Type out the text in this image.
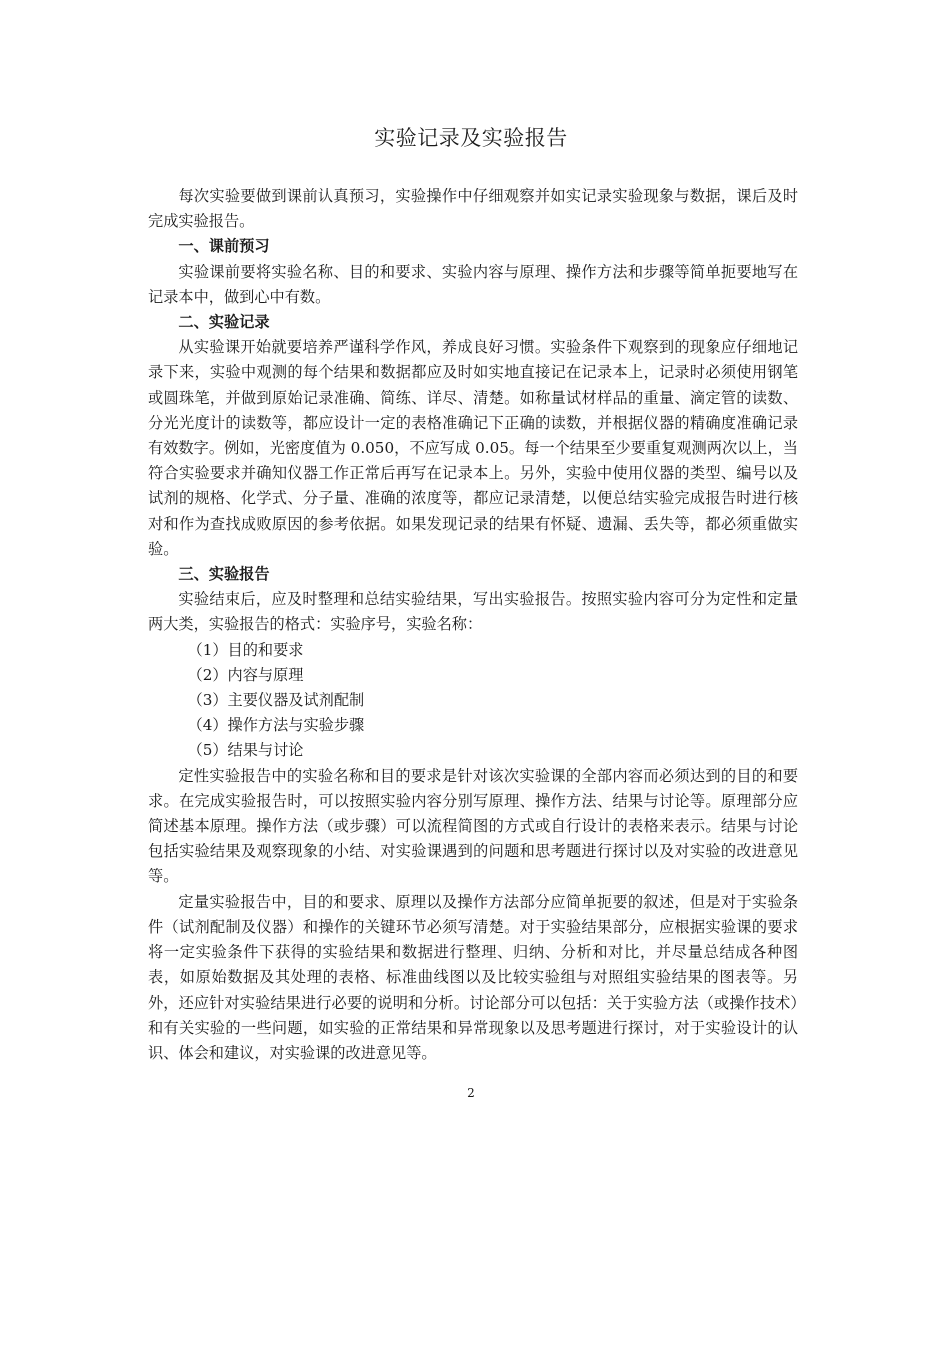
实验记录及实验报告

每次实验要做到课前认真预习，实验操作中仔细观察并如实记录实验现象与数据，课后及时完成实验报告。

一、课前预习

实验课前要将实验名称、目的和要求、实验内容与原理、操作方法和步骤等简单扼要地写在记录本中，做到心中有数。

二、实验记录

从实验课开始就要培养严谨科学作风，养成良好习惯。实验条件下观察到的现象应仔细地记录下来，实验中观测的每个结果和数据都应及时如实地直接记在记录本上，记录时必须使用钢笔或圆珠笔，并做到原始记录准确、简练、详尽、清楚。如称量试材样品的重量、滴定管的读数、分光光度计的读数等，都应设计一定的表格准确记下正确的读数，并根据仪器的精确度准确记录有效数字。例如，光密度值为 0.050，不应写成 0.05。每一个结果至少要重复观测两次以上，当符合实验要求并确知仪器工作正常后再写在记录本上。另外，实验中使用仪器的类型、编号以及试剂的规格、化学式、分子量、准确的浓度等，都应记录清楚，以便总结实验完成报告时进行核对和作为查找成败原因的参考依据。如果发现记录的结果有怀疑、遗漏、丢失等，都必须重做实验。

三、实验报告

实验结束后，应及时整理和总结实验结果，写出实验报告。按照实验内容可分为定性和定量两大类，实验报告的格式：实验序号，实验名称：

（1）目的和要求
（2）内容与原理
（3）主要仪器及试剂配制
（4）操作方法与实验步骤
（5）结果与讨论

定性实验报告中的实验名称和目的要求是针对该次实验课的全部内容而必须达到的目的和要求。在完成实验报告时，可以按照实验内容分别写原理、操作方法、结果与讨论等。原理部分应简述基本原理。操作方法（或步骤）可以流程简图的方式或自行设计的表格来表示。结果与讨论包括实验结果及观察现象的小结、对实验课遇到的问题和思考题进行探讨以及对实验的改进意见等。

定量实验报告中，目的和要求、原理以及操作方法部分应简单扼要的叙述，但是对于实验条件（试剂配制及仪器）和操作的关键环节必须写清楚。对于实验结果部分，应根据实验课的要求将一定实验条件下获得的实验结果和数据进行整理、归纳、分析和对比，并尽量总结成各种图表，如原始数据及其处理的表格、标准曲线图以及比较实验组与对照组实验结果的图表等。另外，还应针对实验结果进行必要的说明和分析。讨论部分可以包括：关于实验方法（或操作技术）和有关实验的一些问题，如实验的正常结果和异常现象以及思考题进行探讨，对于实验设计的认识、体会和建议，对实验课的改进意见等。

2
